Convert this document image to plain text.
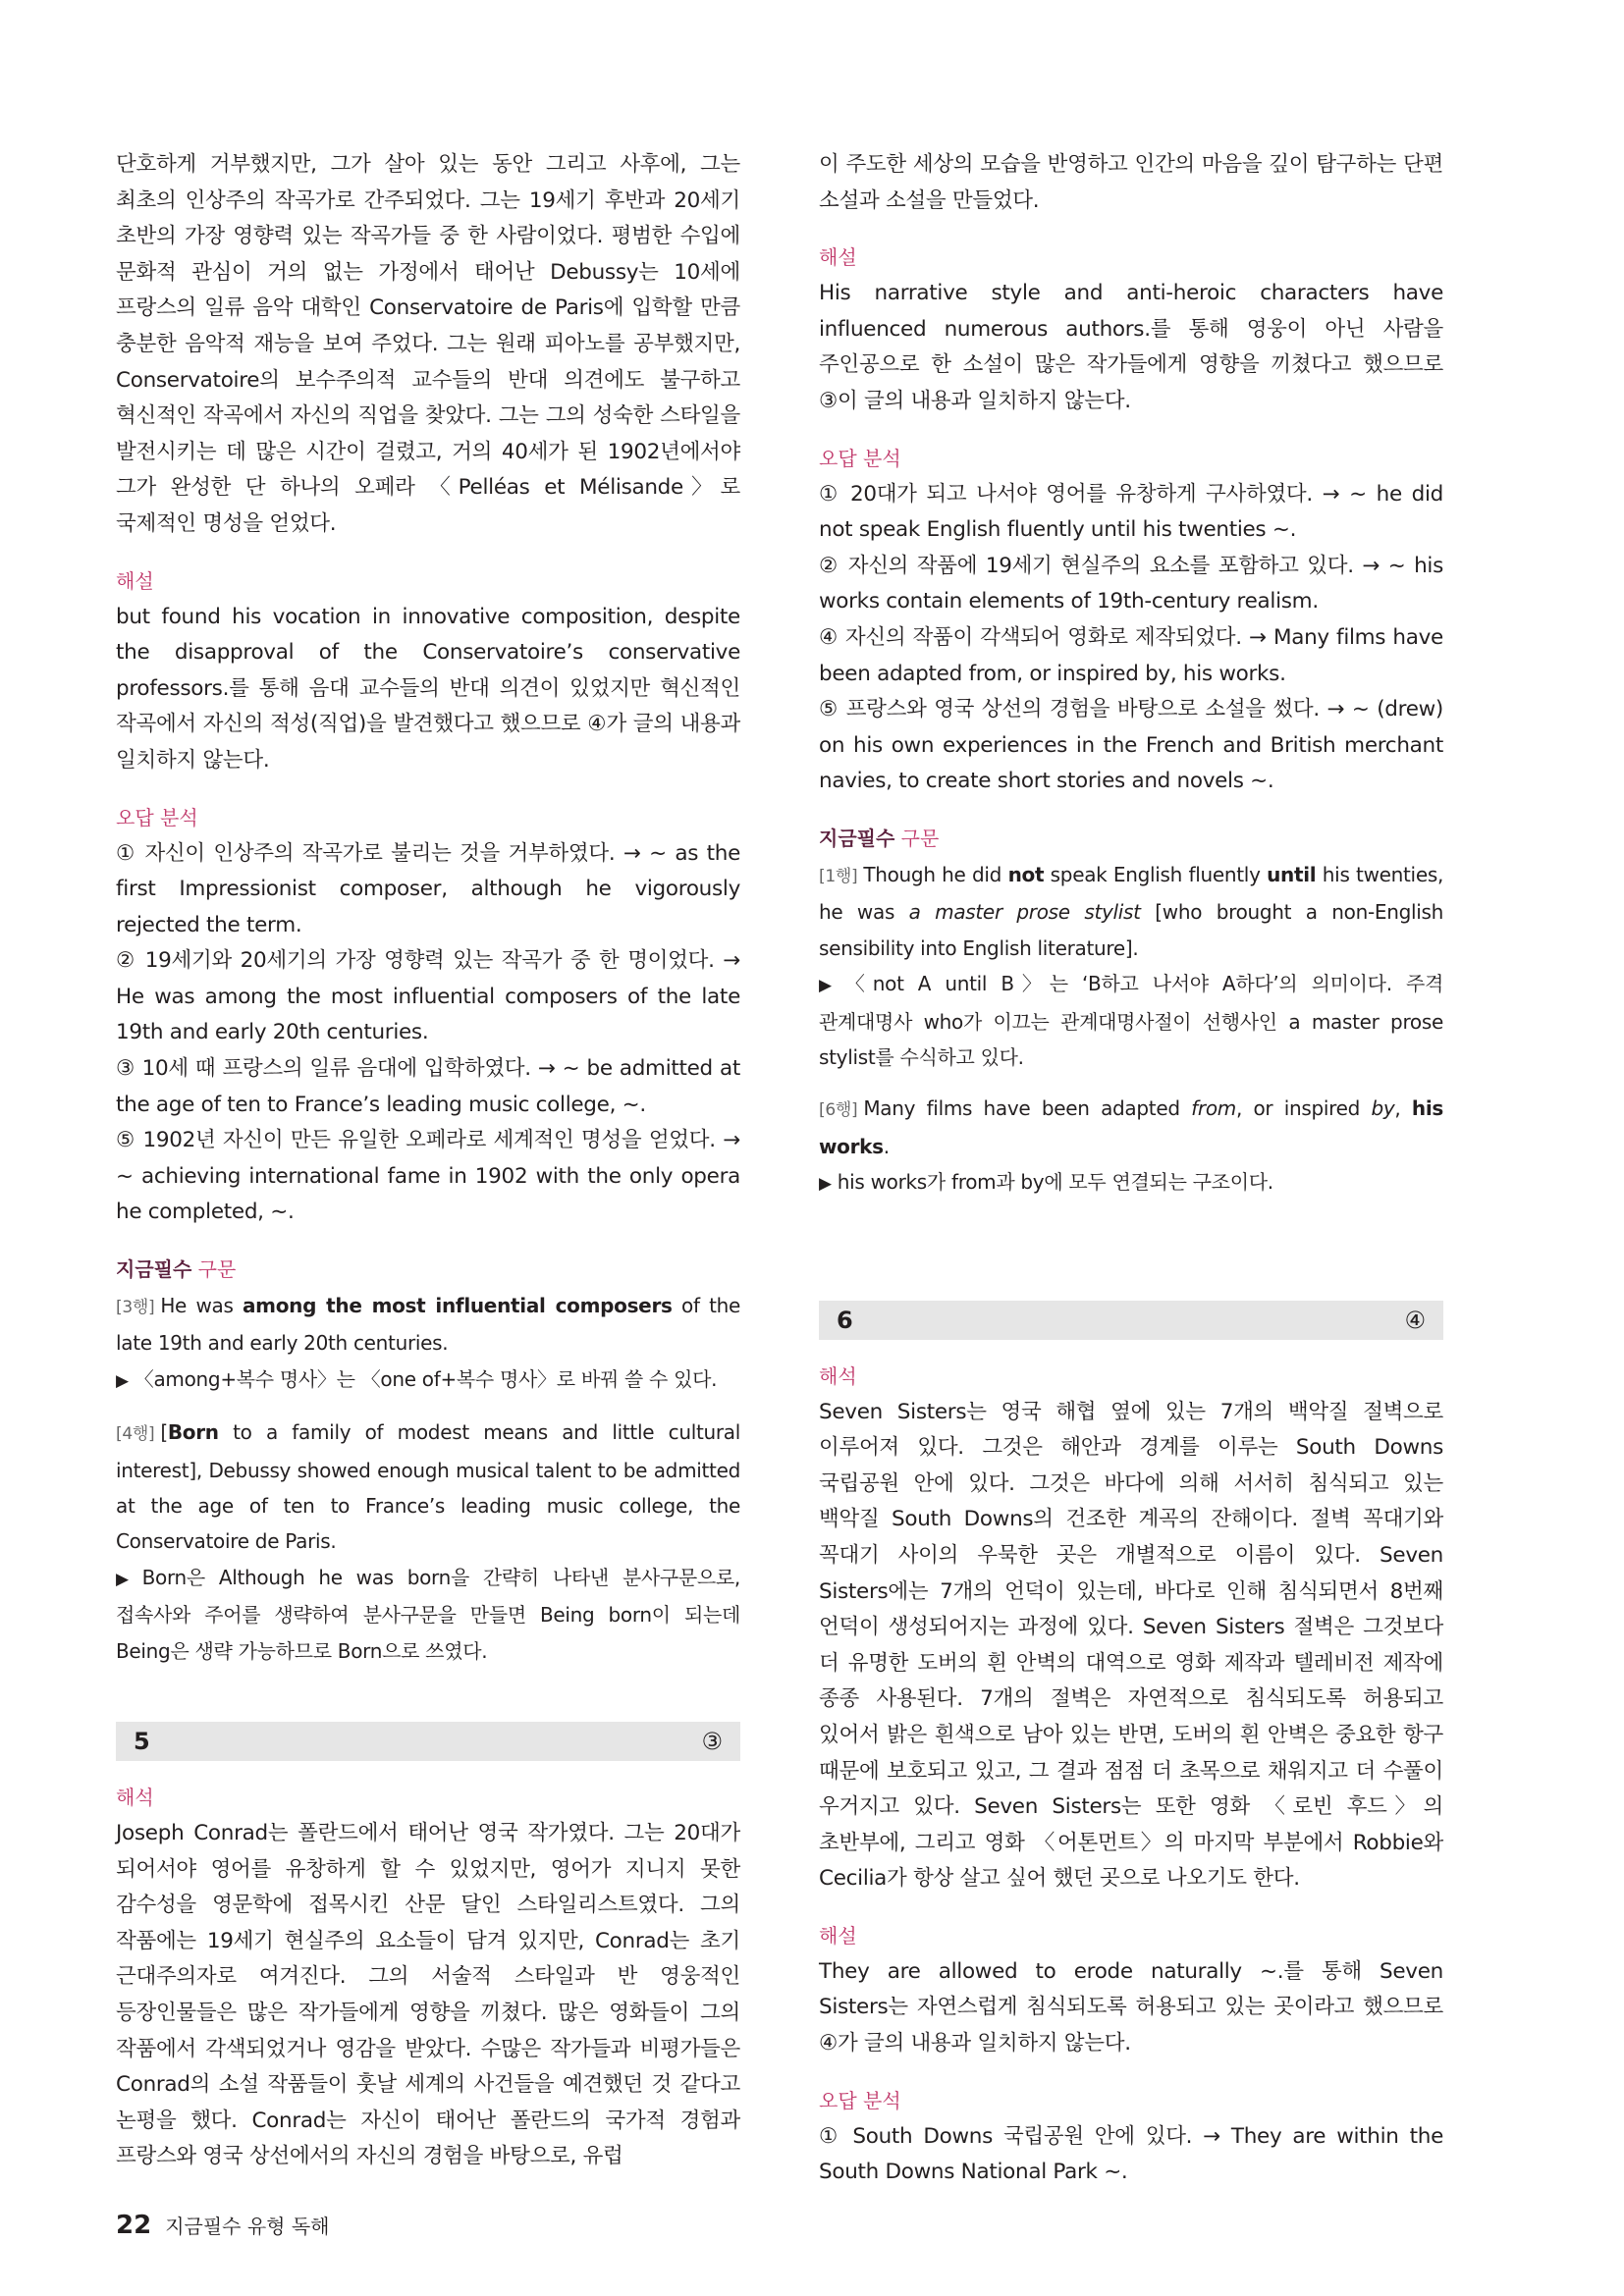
단호하게 거부했지만, 그가 살아 있는 동안 그리고 사후에, 그는 최초의 인상주의 작곡가로 간주되었다. 그는 19세기 후반과 20세기 초반의 가장 영향력 있는 작곡가들 중 한 사람이었다. 평범한 수입에 문화적 관심이 거의 없는 가정에서 태어난 Debussy는 10세에 프랑스의 일류 음악 대학인 Conservatoire de Paris에 입학할 만큼 충분한 음악적 재능을 보여 주었다. 그는 원래 피아노를 공부했지만, Conservatoire의 보수주의적 교수들의 반대 의견에도 불구하고 혁신적인 작곡에서 자신의 직업을 찾았다. 그는 그의 성숙한 스타일을 발전시키는 데 많은 시간이 걸렸고, 거의 40세가 된 1902년에서야 그가 완성한 단 하나의 오페라 〈Pelléas et Mélisande〉로 국제적인 명성을 얻었다.

해설

but found his vocation in innovative composition, despite the disapproval of the Conservatoire’s conservative professors.를 통해 음대 교수들의 반대 의견이 있었지만 혁신적인 작곡에서 자신의 적성(직업)을 발견했다고 했으므로 ④가 글의 내용과 일치하지 않는다.

오답 분석

① 자신이 인상주의 작곡가로 불리는 것을 거부하였다. → ~ as the first Impressionist composer, although he vigorously rejected the term.

② 19세기와 20세기의 가장 영향력 있는 작곡가 중 한 명이었다. → He was among the most influential composers of the late 19th and early 20th centuries.

③ 10세 때 프랑스의 일류 음대에 입학하였다. → ~ be admitted at the age of ten to France’s leading music college, ~.

⑤ 1902년 자신이 만든 유일한 오페라로 세계적인 명성을 얻었다. → ~ achieving international fame in 1902 with the only opera he completed, ~.

지금필수 구문

[3행] He was among the most influential composers of the late 19th and early 20th centuries.

▶ 〈among+복수 명사〉는 〈one of+복수 명사〉로 바꿔 쓸 수 있다.

[4행] [Born to a family of modest means and little cultural interest], Debussy showed enough musical talent to be admitted at the age of ten to France’s leading music college, the Conservatoire de Paris.

▶ Born은 Although he was born을 간략히 나타낸 분사구문으로, 접속사와 주어를 생략하여 분사구문을 만들면 Being born이 되는데 Being은 생략 가능하므로 Born으로 쓰였다.

5	③
해석

Joseph Conrad는 폴란드에서 태어난 영국 작가였다. 그는 20대가 되어서야 영어를 유창하게 할 수 있었지만, 영어가 지니지 못한 감수성을 영문학에 접목시킨 산문 달인 스타일리스트였다. 그의 작품에는 19세기 현실주의 요소들이 담겨 있지만, Conrad는 초기 근대주의자로 여겨진다. 그의 서술적 스타일과 반 영웅적인 등장인물들은 많은 작가들에게 영향을 끼쳤다. 많은 영화들이 그의 작품에서 각색되었거나 영감을 받았다. 수많은 작가들과 비평가들은 Conrad의 소설 작품들이 훗날 세계의 사건들을 예견했던 것 같다고 논평을 했다. Conrad는 자신이 태어난 폴란드의 국가적 경험과 프랑스와 영국 상선에서의 자신의 경험을 바탕으로, 유럽

이 주도한 세상의 모습을 반영하고 인간의 마음을 깊이 탐구하는 단편 소설과 소설을 만들었다.

해설

His narrative style and anti-heroic characters have influenced numerous authors.를 통해 영웅이 아닌 사람을 주인공으로 한 소설이 많은 작가들에게 영향을 끼쳤다고 했으므로 ③이 글의 내용과 일치하지 않는다.

오답 분석

① 20대가 되고 나서야 영어를 유창하게 구사하였다. → ~ he did not speak English fluently until his twenties ~.

② 자신의 작품에 19세기 현실주의 요소를 포함하고 있다. → ~ his works contain elements of 19th-century realism.

④ 자신의 작품이 각색되어 영화로 제작되었다. → Many films have been adapted from, or inspired by, his works.

⑤ 프랑스와 영국 상선의 경험을 바탕으로 소설을 썼다. → ~ (drew) on his own experiences in the French and British merchant navies, to create short stories and novels ~.

지금필수 구문

[1행] Though he did not speak English fluently until his twenties, he was a master prose stylist [who brought a non-English sensibility into English literature].

▶ 〈not A until B〉는 ‘B하고 나서야 A하다’의 의미이다. 주격 관계대명사 who가 이끄는 관계대명사절이 선행사인 a master prose stylist를 수식하고 있다.

[6행] Many films have been adapted from, or inspired by, his works.

▶ his works가 from과 by에 모두 연결되는 구조이다.

6	④
해석

Seven Sisters는 영국 해협 옆에 있는 7개의 백악질 절벽으로 이루어져 있다. 그것은 해안과 경계를 이루는 South Downs 국립공원 안에 있다. 그것은 바다에 의해 서서히 침식되고 있는 백악질 South Downs의 건조한 계곡의 잔해이다. 절벽 꼭대기와 꼭대기 사이의 우묵한 곳은 개별적으로 이름이 있다. Seven Sisters에는 7개의 언덕이 있는데, 바다로 인해 침식되면서 8번째 언덕이 생성되어지는 과정에 있다. Seven Sisters 절벽은 그것보다 더 유명한 도버의 흰 안벽의 대역으로 영화 제작과 텔레비전 제작에 종종 사용된다. 7개의 절벽은 자연적으로 침식되도록 허용되고 있어서 밝은 흰색으로 남아 있는 반면, 도버의 흰 안벽은 중요한 항구 때문에 보호되고 있고, 그 결과 점점 더 초목으로 채워지고 더 수풀이 우거지고 있다. Seven Sisters는 또한 영화 〈로빈 후드〉의 초반부에, 그리고 영화 〈어톤먼트〉의 마지막 부분에서 Robbie와 Cecilia가 항상 살고 싶어 했던 곳으로 나오기도 한다.

해설

They are allowed to erode naturally ~.를 통해 Seven Sisters는 자연스럽게 침식되도록 허용되고 있는 곳이라고 했으므로 ④가 글의 내용과 일치하지 않는다.

오답 분석

① South Downs 국립공원 안에 있다. → They are within the South Downs National Park ~.

22 지금필수 유형 독해
